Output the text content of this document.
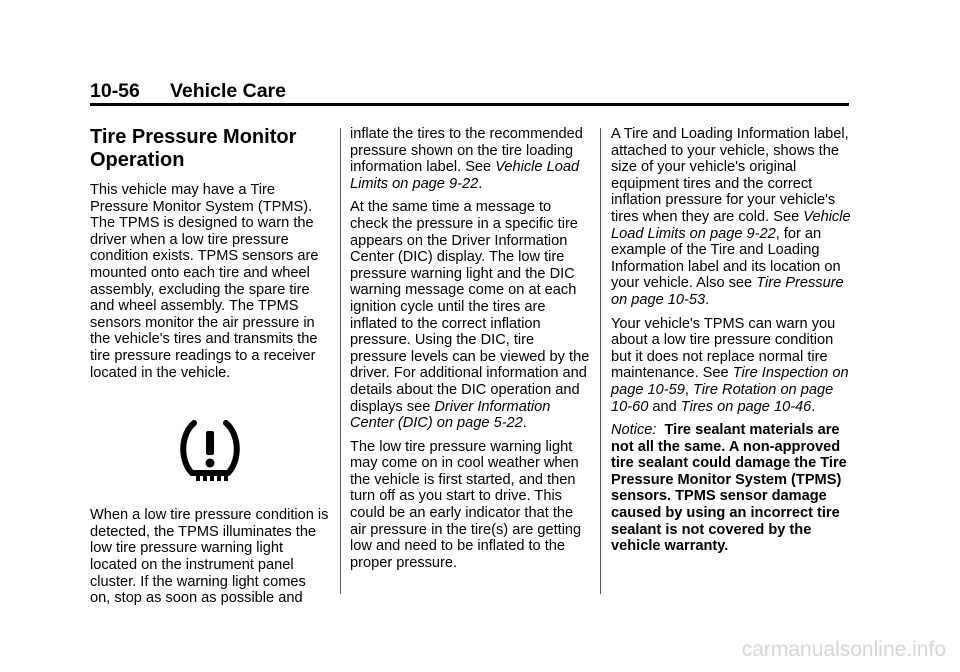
10-56 Vehicle Care
Tire Pressure Monitor
Operation

This vehicle may have a Tire Pressure Monitor System (TPMS). The TPMS is designed to warn the driver when a low tire pressure condition exists. TPMS sensors are mounted onto each tire and wheel assembly, excluding the spare tire and wheel assembly. The TPMS sensors monitor the air pressure in the vehicle's tires and transmits the tire pressure readings to a receiver located in the vehicle.

When a low tire pressure condition is detected, the TPMS illuminates the low tire pressure warning light located on the instrument panel cluster. If the warning light comes on, stop as soon as possible and

inflate the tires to the recommended pressure shown on the tire loading information label. See Vehicle Load Limits on page 9-22.

At the same time a message to check the pressure in a specific tire appears on the Driver Information Center (DIC) display. The low tire pressure warning light and the DIC warning message come on at each ignition cycle until the tires are inflated to the correct inflation pressure. Using the DIC, tire pressure levels can be viewed by the driver. For additional information and details about the DIC operation and displays see Driver Information Center (DIC) on page 5-22.

The low tire pressure warning light may come on in cool weather when the vehicle is first started, and then turn off as you start to drive. This could be an early indicator that the air pressure in the tire(s) are getting low and need to be inflated to the proper pressure.

A Tire and Loading Information label, attached to your vehicle, shows the size of your vehicle's original equipment tires and the correct inflation pressure for your vehicle's tires when they are cold. See Vehicle Load Limits on page 9-22, for an example of the Tire and Loading Information label and its location on your vehicle. Also see Tire Pressure on page 10-53.

Your vehicle's TPMS can warn you about a low tire pressure condition but it does not replace normal tire maintenance. See Tire Inspection on page 10-59, Tire Rotation on page 10-60 and Tires on page 10-46.

Notice: Tire sealant materials are not all the same. A non-approved tire sealant could damage the Tire Pressure Monitor System (TPMS) sensors. TPMS sensor damage caused by using an incorrect tire sealant is not covered by the vehicle warranty.

carmanualsonline.info
